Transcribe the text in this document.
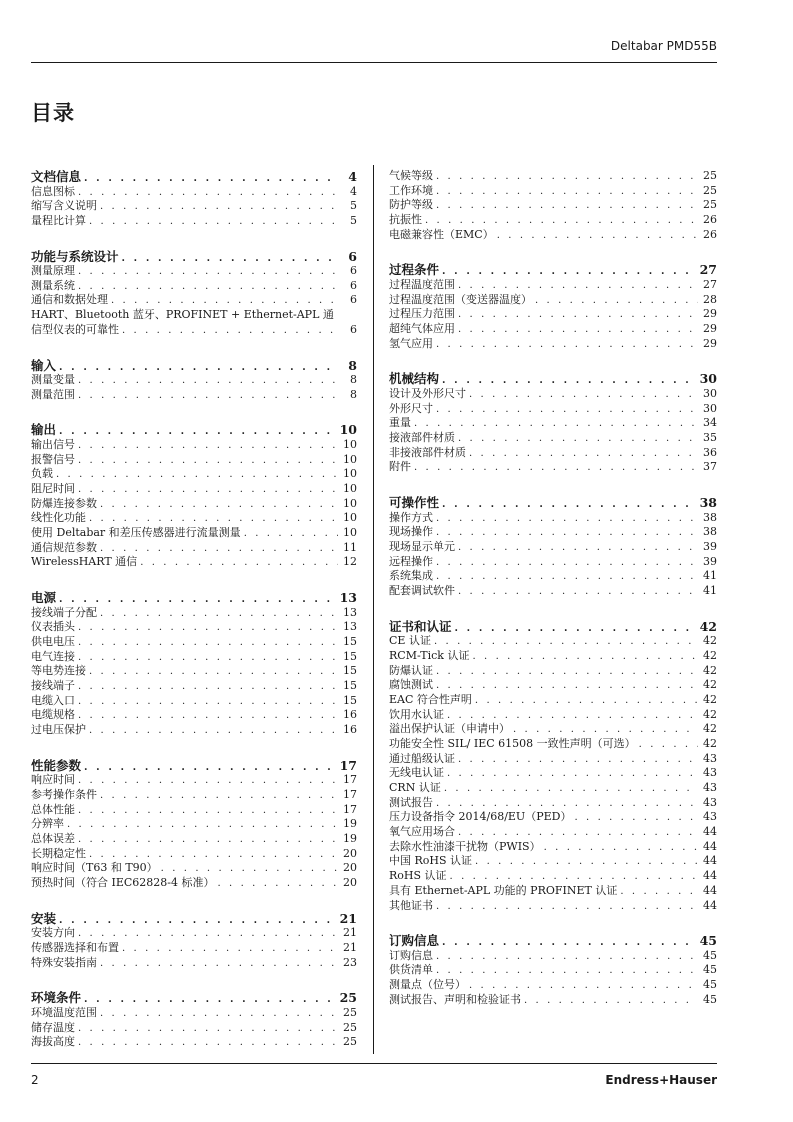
Deltabar PMD55B
目录
文档信息 . . .	4
信息图标 . . .	4
缩写含义说明 . . .	5
量程比计算 . . .	5
功能与系统设计 . . .	6
测量原理 . . .	6
测量系统 . . .	6
通信和数据处理 . . .	6
HART、Bluetooth 蓝牙、PROFINET + Ethernet-APL 通
信型仪表的可靠性 . . .	6
输入 . . .	8
测量变量 . . .	8
测量范围 . . .	8
输出 . . .	10
输出信号 . . .	10
报警信号 . . .	10
负载 . . .	10
阻尼时间 . . .	10
防爆连接参数 . . .	10
线性化功能 . . .	10
使用 Deltabar 和差压传感器进行流量测量 . . .	10
通信规范参数 . . .	11
WirelessHART 通信 . . .	12
电源 . . .	13
接线端子分配 . . .	13
仪表插头 . . .	13
供电电压 . . .	15
电气连接 . . .	15
等电势连接 . . .	15
接线端子 . . .	15
电缆入口 . . .	15
电缆规格 . . .	16
过电压保护 . . .	16
性能参数 . . .	17
响应时间 . . .	17
参考操作条件 . . .	17
总体性能 . . .	17
分辨率 . . .	19
总体误差 . . .	19
长期稳定性 . . .	20
响应时间（T63 和 T90） . . .	20
预热时间（符合 IEC62828-4 标准） . . .	20
安装 . . .	21
安装方向 . . .	21
传感器选择和布置 . . .	21
特殊安装指南 . . .	23
环境条件 . . .	25
环境温度范围 . . .	25
储存温度 . . .	25
海拔高度 . . .	25
气候等级 . . .	25
工作环境 . . .	25
防护等级 . . .	25
抗振性 . . .	26
电磁兼容性（EMC） . . .	26
过程条件 . . .	27
过程温度范围 . . .	27
过程温度范围（变送器温度） . . .	28
过程压力范围 . . .	29
超纯气体应用 . . .	29
氢气应用 . . .	29
机械结构 . . .	30
设计及外形尺寸 . . .	30
外形尺寸 . . .	30
重量 . . .	34
接液部件材质 . . .	35
非接液部件材质 . . .	36
附件 . . .	37
可操作性 . . .	38
操作方式 . . .	38
现场操作 . . .	38
现场显示单元 . . .	39
远程操作 . . .	39
系统集成 . . .	41
配套调试软件 . . .	41
证书和认证 . . .	42
CE 认证 . . .	42
RCM-Tick 认证 . . .	42
防爆认证 . . .	42
腐蚀测试 . . .	42
EAC 符合性声明 . . .	42
饮用水认证 . . .	42
溢出保护认证（申请中） . . .	42
功能安全性 SIL/ IEC 61508 一致性声明（可选） . . .	42
通过船级认证 . . .	43
无线电认证 . . .	43
CRN 认证 . . .	43
测试报告 . . .	43
压力设备指令 2014/68/EU（PED） . . .	43
氧气应用场合 . . .	44
去除水性油漆干扰物（PWIS） . . .	44
中国 RoHS 认证 . . .	44
RoHS 认证 . . .	44
具有 Ethernet-APL 功能的 PROFINET 认证 . . .	44
其他证书 . . .	44
订购信息 . . .	45
订购信息 . . .	45
供货清单 . . .	45
测量点（位号） . . .	45
测试报告、声明和检验证书 . . .	45
2	Endress+Hauser
